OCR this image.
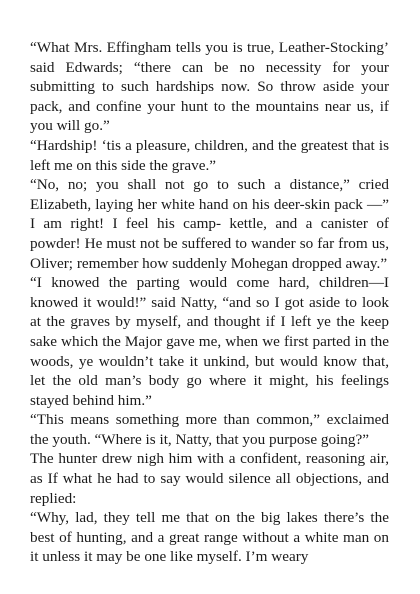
“What Mrs. Effingham tells you is true, Leather-Stocking’ said Edwards; “there can be no necessity for your submitting to such hardships now. So throw aside your pack, and confine your hunt to the mountains near us, if you will go.”

“Hardship! ‘tis a pleasure, children, and the greatest that is left me on this side the grave.”

“No, no; you shall not go to such a distance,” cried Elizabeth, laying her white hand on his deer-skin pack —” I am right! I feel his camp- kettle, and a canister of powder! He must not be suffered to wander so far from us, Oliver; remember how suddenly Mohegan dropped away.”

“I knowed the parting would come hard, children—I knowed it would!” said Natty, “and so I got aside to look at the graves by myself, and thought if I left ye the keep sake which the Major gave me, when we first parted in the woods, ye wouldn’t take it unkind, but would know that, let the old man’s body go where it might, his feelings stayed behind him.”

“This means something more than common,” exclaimed the youth. “Where is it, Natty, that you purpose going?”

The hunter drew nigh him with a confident, reasoning air, as If what he had to say would silence all objections, and replied:

“Why, lad, they tell me that on the big lakes there’s the best of hunting, and a great range without a white man on it unless it may be one like myself. I’m weary
